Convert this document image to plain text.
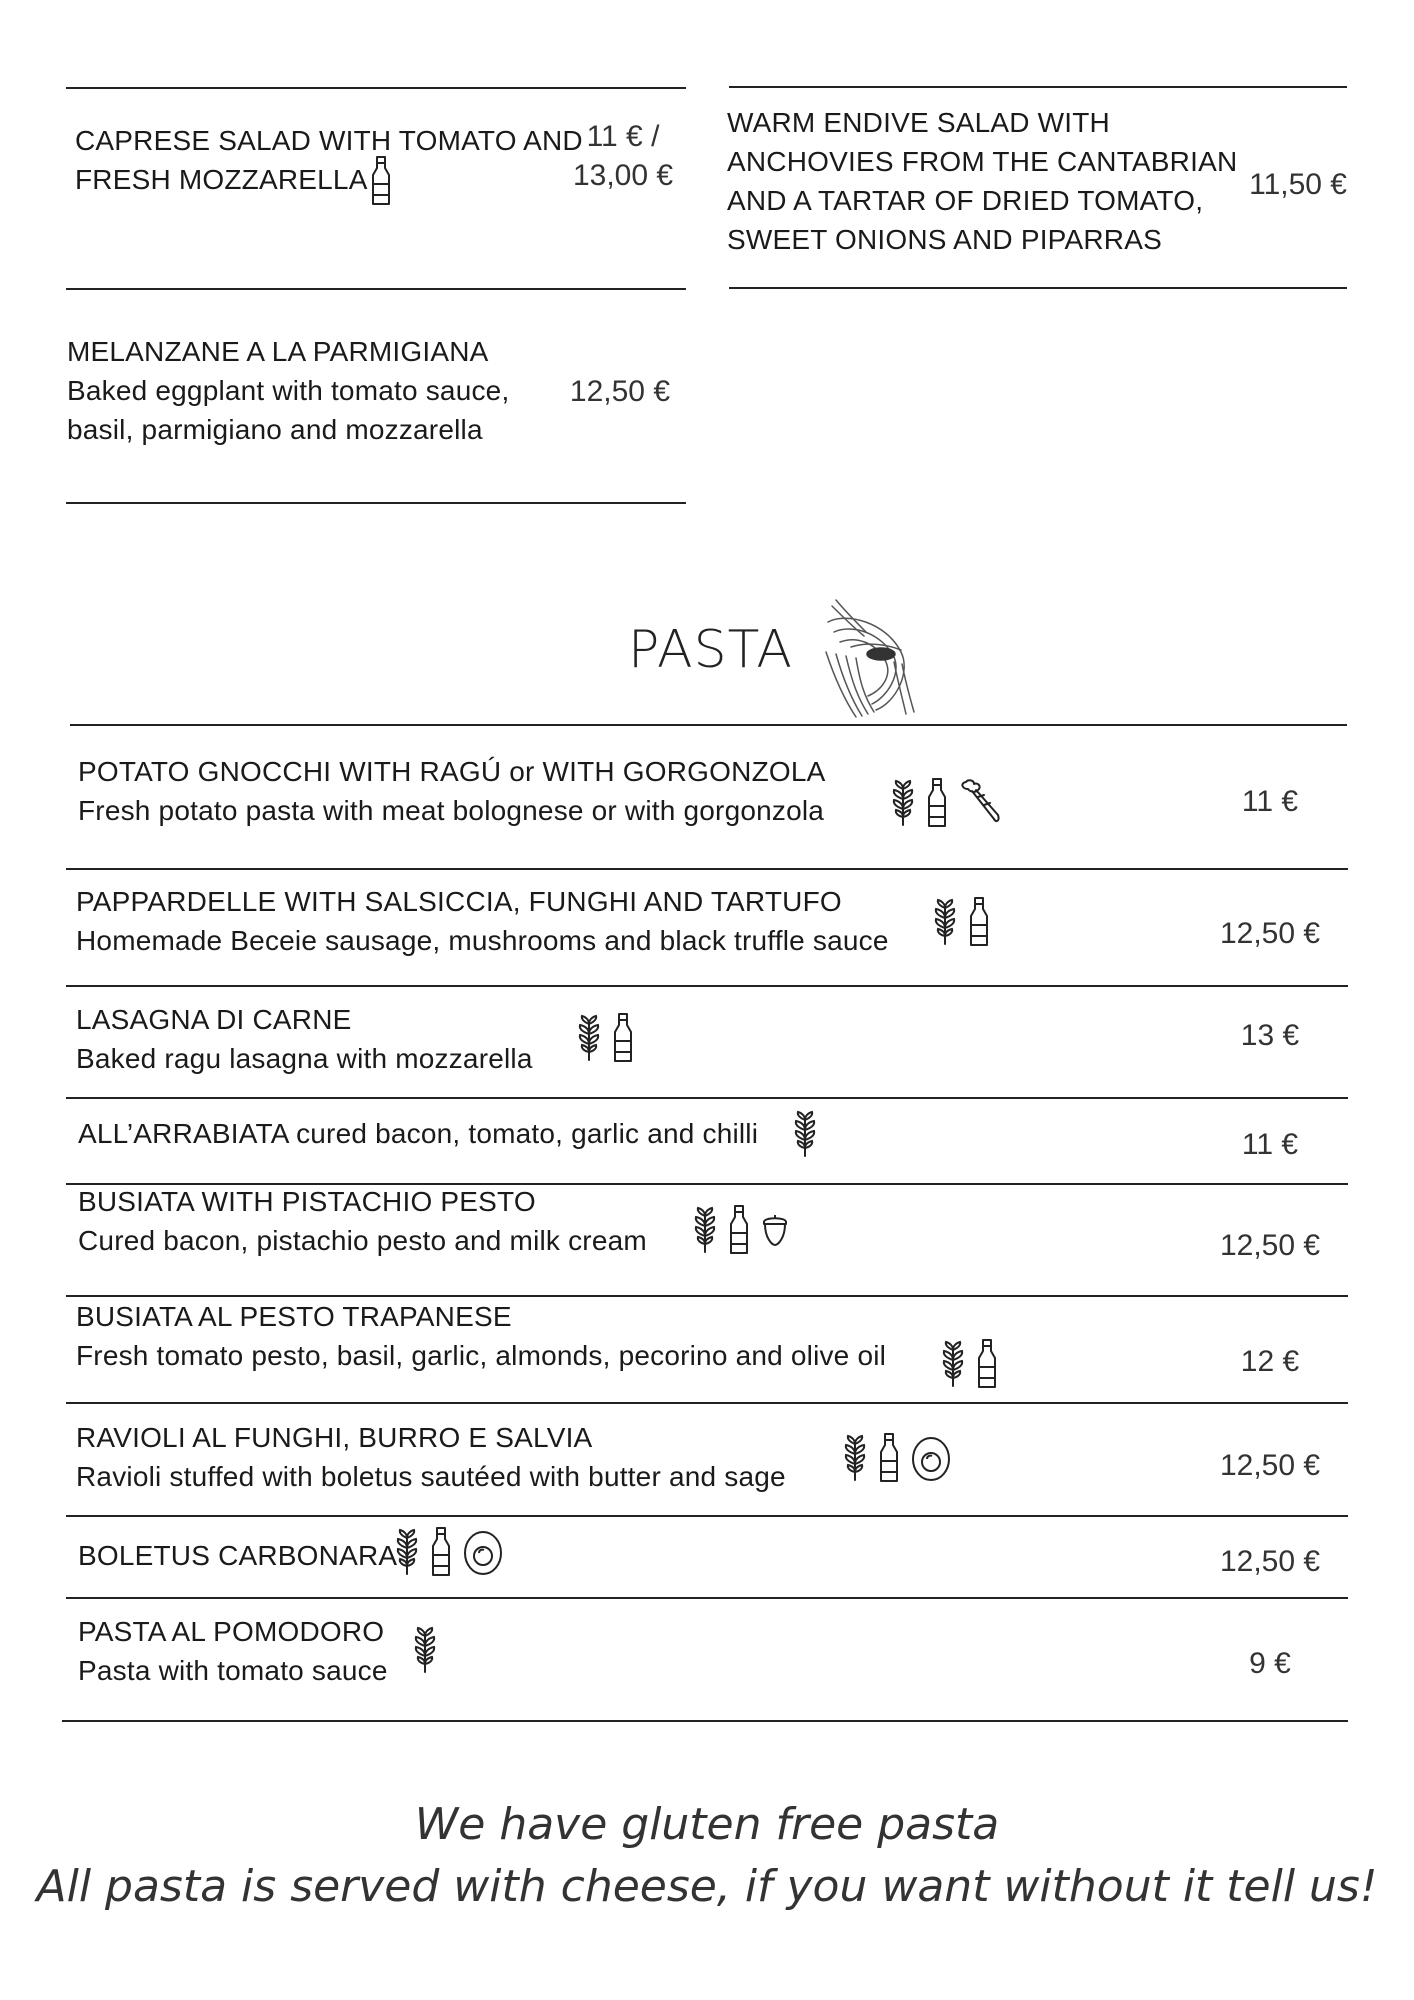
CAPRESE SALAD WITH TOMATO AND
FRESH MOZZARELLA
11 € /
13,00 €
WARM ENDIVE SALAD WITH
ANCHOVIES FROM THE CANTABRIAN
AND A TARTAR OF DRIED TOMATO,
SWEET ONIONS AND PIPARRAS
11,50 €
MELANZANE A LA PARMIGIANA
Baked eggplant with tomato sauce,
basil, parmigiano and mozzarella
12,50 €
PASTA
POTATO GNOCCHI WITH RAGÚ or WITH GORGONZOLA
Fresh potato pasta with meat bolognese or with gorgonzola	11 €
PAPPARDELLE WITH SALSICCIA, FUNGHI AND TARTUFO
Homemade Beceie sausage, mushrooms and black truffle sauce	12,50 €
LASAGNA DI CARNE
Baked ragu lasagna with mozzarella
13 €
ALL’ARRABIATA cured bacon, tomato, garlic and chilli	11 €
BUSIATA WITH PISTACHIO PESTO
Cured bacon, pistachio pesto and milk cream	12,50 €
BUSIATA AL PESTO TRAPANESE
Fresh tomato pesto, basil, garlic, almonds, pecorino and olive oil	12 €
RAVIOLI AL FUNGHI, BURRO E SALVIA
Ravioli stuffed with boletus sautéed with butter and sage	12,50 €
BOLETUS CARBONARA	12,50 €
PASTA AL POMODORO
Pasta with tomato sauce	9 €
We have gluten free pasta
All pasta is served with cheese, if you want without it tell us!
